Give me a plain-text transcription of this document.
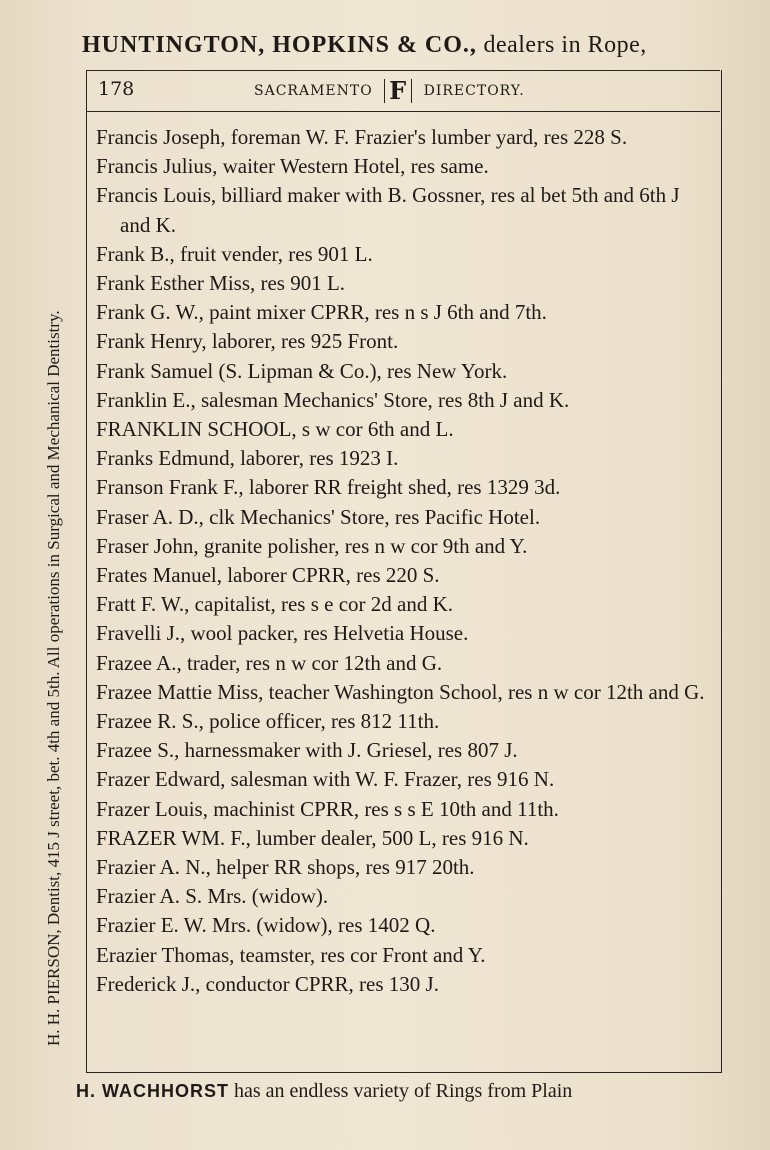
HUNTINGTON, HOPKINS & CO., dealers in Rope,
H. H. PIERSON, Dentist, 415 J street, bet. 4th and 5th. All operations in Surgical and Mechanical Dentistry.
178	SACRAMENTO F DIRECTORY.
Francis Joseph, foreman W. F. Frazier's lumber yard, res 228 S.
Francis Julius, waiter Western Hotel, res same.
Francis Louis, billiard maker with B. Gossner, res al bet 5th and 6th J and K.
Frank B., fruit vender, res 901 L.
Frank Esther Miss, res 901 L.
Frank G. W., paint mixer CPRR, res n s J 6th and 7th.
Frank Henry, laborer, res 925 Front.
Frank Samuel (S. Lipman & Co.), res New York.
Franklin E., salesman Mechanics' Store, res 8th J and K.
FRANKLIN SCHOOL, s w cor 6th and L.
Franks Edmund, laborer, res 1923 I.
Franson Frank F., laborer RR freight shed, res 1329 3d.
Fraser A. D., clk Mechanics' Store, res Pacific Hotel.
Fraser John, granite polisher, res n w cor 9th and Y.
Frates Manuel, laborer CPRR, res 220 S.
Fratt F. W., capitalist, res s e cor 2d and K.
Fravelli J., wool packer, res Helvetia House.
Frazee A., trader, res n w cor 12th and G.
Frazee Mattie Miss, teacher Washington School, res n w cor 12th and G.
Frazee R. S., police officer, res 812 11th.
Frazee S., harnessmaker with J. Griesel, res 807 J.
Frazer Edward, salesman with W. F. Frazer, res 916 N.
Frazer Louis, machinist CPRR, res s s E 10th and 11th.
FRAZER WM. F., lumber dealer, 500 L, res 916 N.
Frazier A. N., helper RR shops, res 917 20th.
Frazier A. S. Mrs. (widow).
Frazier E. W. Mrs. (widow), res 1402 Q.
Erazier Thomas, teamster, res cor Front and Y.
Frederick J., conductor CPRR, res 130 J.
H. WACHHORST has an endless variety of Rings from Plain
